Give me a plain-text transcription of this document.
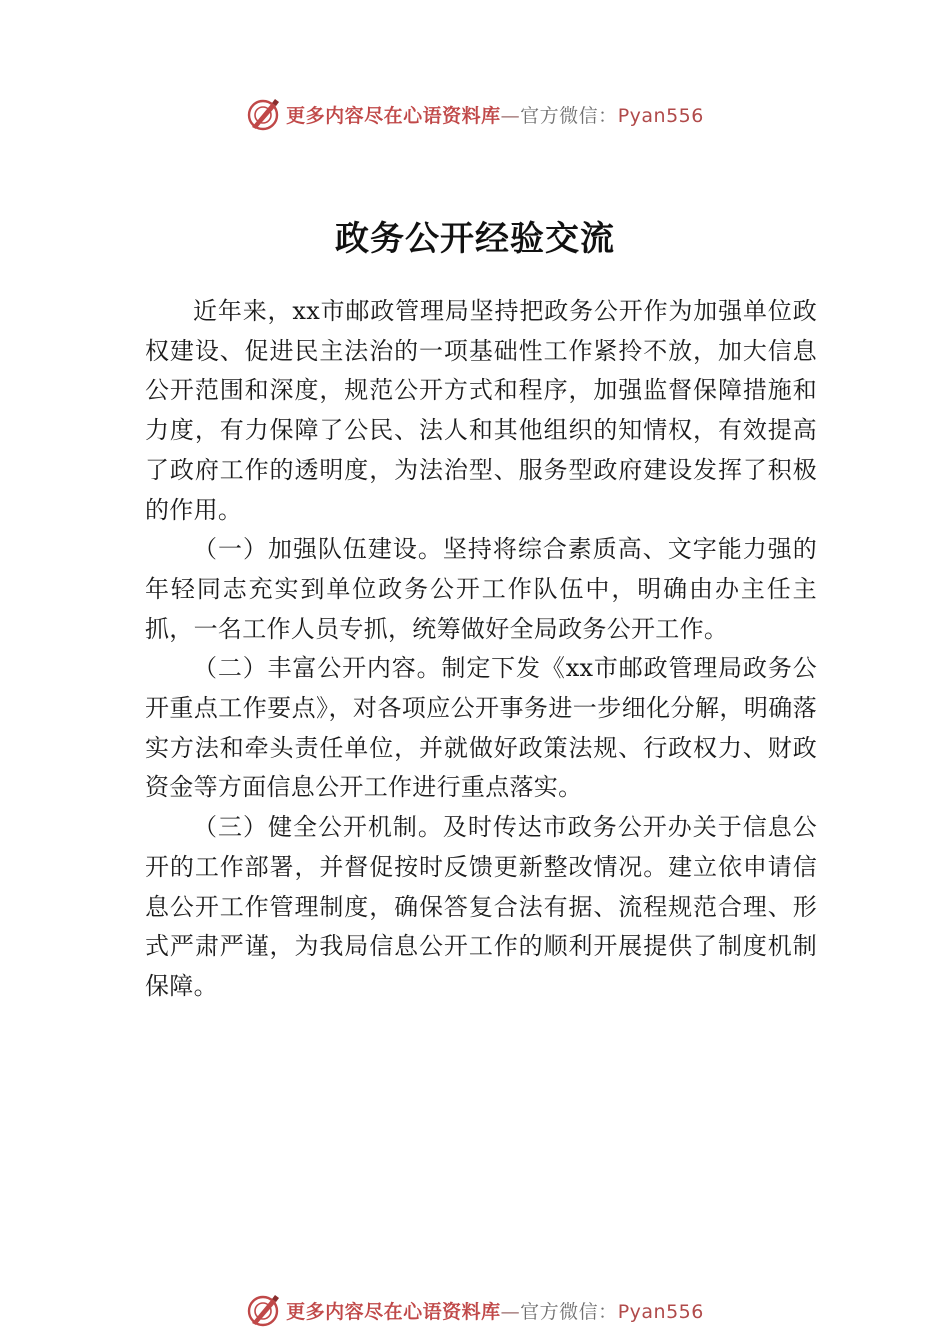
更多内容尽在心语资料库—官方微信：Pyan556
政务公开经验交流

近年来，xx市邮政管理局坚持把政务公开作为加强单位政权建设、促进民主法治的一项基础性工作紧拎不放，加大信息公开范围和深度，规范公开方式和程序，加强监督保障措施和力度，有力保障了公民、法人和其他组织的知情权，有效提高了政府工作的透明度，为法治型、服务型政府建设发挥了积极的作用。

（一）加强队伍建设。坚持将综合素质高、文字能力强的年轻同志充实到单位政务公开工作队伍中，明确由办主任主抓，一名工作人员专抓，统筹做好全局政务公开工作。

（二）丰富公开内容。制定下发《xx市邮政管理局政务公开重点工作要点》，对各项应公开事务进一步细化分解，明确落实方法和牵头责任单位，并就做好政策法规、行政权力、财政资金等方面信息公开工作进行重点落实。

（三）健全公开机制。及时传达市政务公开办关于信息公开的工作部署，并督促按时反馈更新整改情况。建立依申请信息公开工作管理制度，确保答复合法有据、流程规范合理、形式严肃严谨，为我局信息公开工作的顺利开展提供了制度机制保障。

更多内容尽在心语资料库—官方微信：Pyan556
